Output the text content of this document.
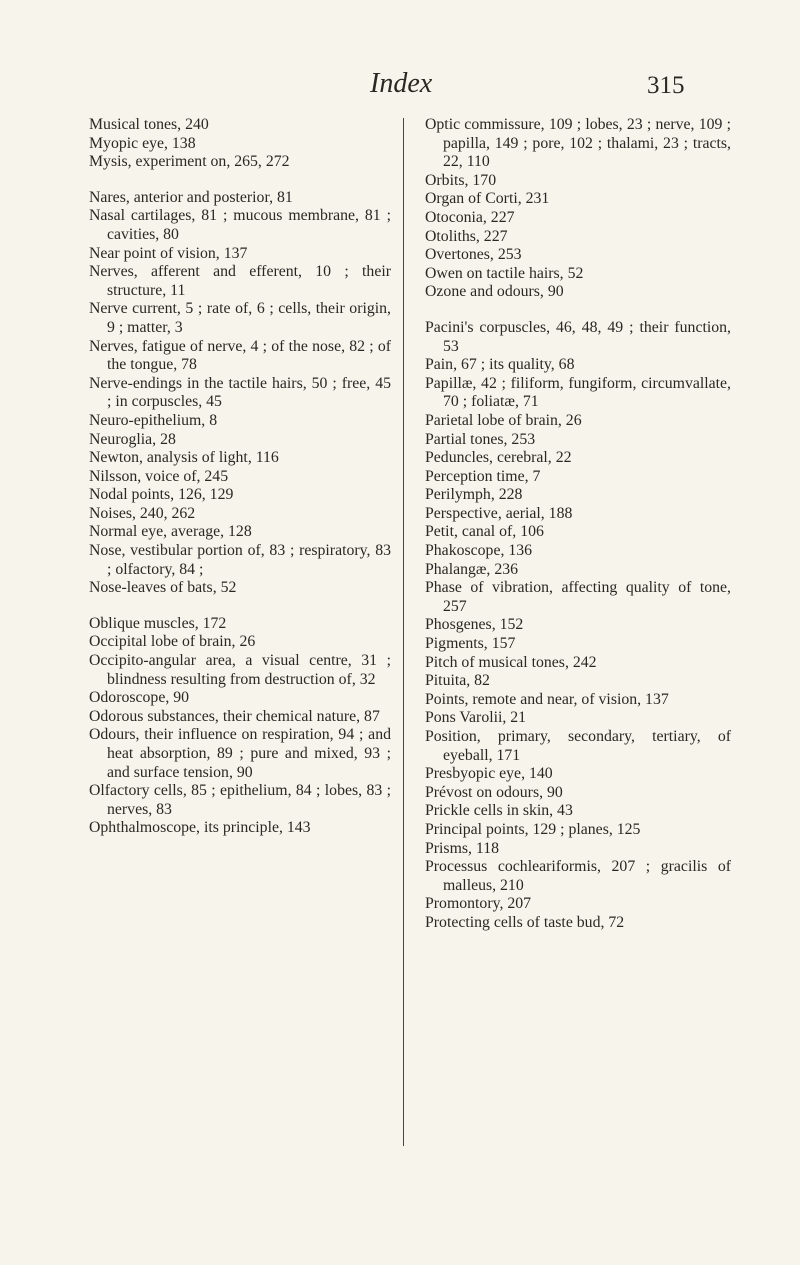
Index	315

Musical tones, 240

Myopic eye, 138

Mysis, experiment on, 265, 272

Nares, anterior and posterior, 81

Nasal cartilages, 81 ; mucous membrane, 81 ; cavities, 80

Near point of vision, 137

Nerves, afferent and efferent, 10 ; their structure, 11

Nerve current, 5 ; rate of, 6 ; cells, their origin, 9 ; matter, 3

Nerves, fatigue of nerve, 4 ; of the nose, 82 ; of the tongue, 78

Nerve-endings in the tactile hairs, 50 ; free, 45 ; in corpuscles, 45

Neuro-epithelium, 8

Neuroglia, 28

Newton, analysis of light, 116

Nilsson, voice of, 245

Nodal points, 126, 129

Noises, 240, 262

Normal eye, average, 128

Nose, vestibular portion of, 83 ; respiratory, 83 ; olfactory, 84 ;

Nose-leaves of bats, 52

Oblique muscles, 172

Occipital lobe of brain, 26

Occipito-angular area, a visual centre, 31 ; blindness resulting from destruction of, 32

Odoroscope, 90

Odorous substances, their chemical nature, 87

Odours, their influence on respiration, 94 ; and heat absorption, 89 ; pure and mixed, 93 ; and surface tension, 90

Olfactory cells, 85 ; epithelium, 84 ; lobes, 83 ; nerves, 83

Ophthalmoscope, its principle, 143

Optic commissure, 109 ; lobes, 23 ; nerve, 109 ; papilla, 149 ; pore, 102 ; thalami, 23 ; tracts, 22, 110

Orbits, 170

Organ of Corti, 231

Otoconia, 227

Otoliths, 227

Overtones, 253

Owen on tactile hairs, 52

Ozone and odours, 90

Pacini's corpuscles, 46, 48, 49 ; their function, 53

Pain, 67 ; its quality, 68

Papillæ, 42 ; filiform, fungiform, circumvallate, 70 ; foliatæ, 71

Parietal lobe of brain, 26

Partial tones, 253

Peduncles, cerebral, 22

Perception time, 7

Perilymph, 228

Perspective, aerial, 188

Petit, canal of, 106

Phakoscope, 136

Phalangæ, 236

Phase of vibration, affecting quality of tone, 257

Phosgenes, 152

Pigments, 157

Pitch of musical tones, 242

Pituita, 82

Points, remote and near, of vision, 137

Pons Varolii, 21

Position, primary, secondary, tertiary, of eyeball, 171

Presbyopic eye, 140

Prévost on odours, 90

Prickle cells in skin, 43

Principal points, 129 ; planes, 125

Prisms, 118

Processus cochleariformis, 207 ; gracilis of malleus, 210

Promontory, 207

Protecting cells of taste bud, 72
